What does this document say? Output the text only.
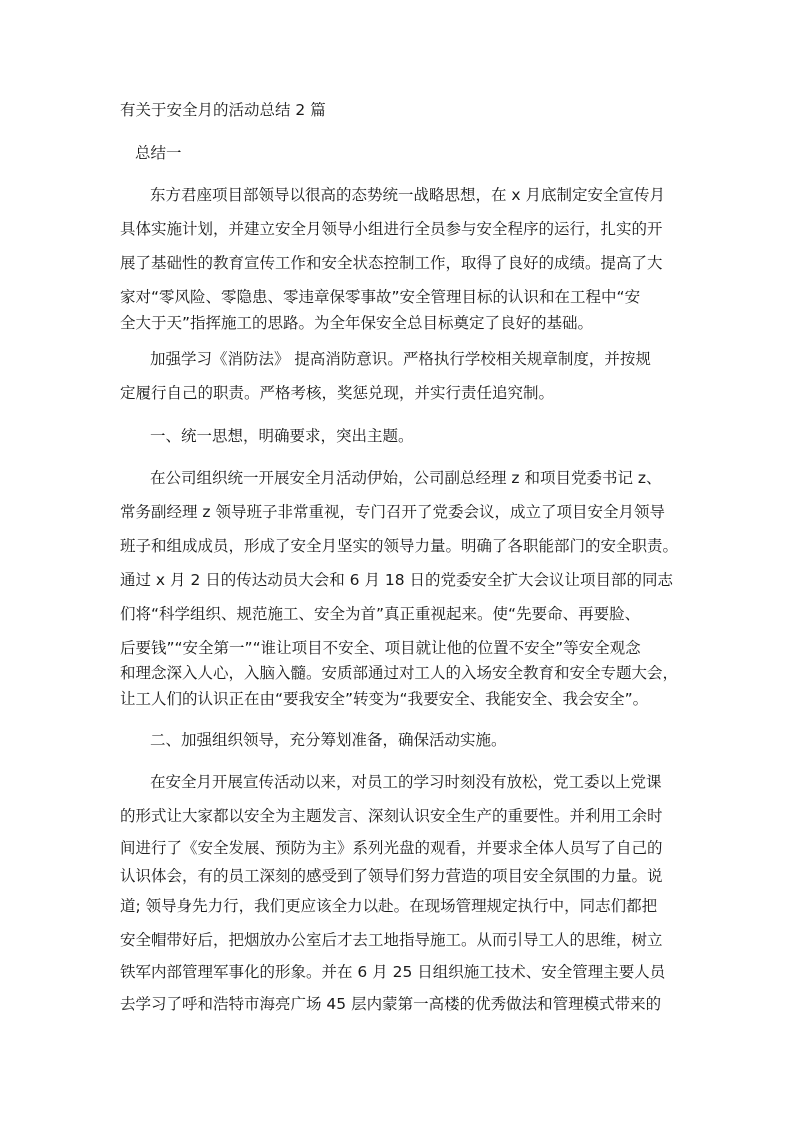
有关于安全月的活动总结 2 篇
总结一
东方君座项目部领导以很高的态势统一战略思想，在 x 月底制定安全宣传月
具体实施计划，并建立安全月领导小组进行全员参与安全程序的运行，扎实的开
展了基础性的教育宣传工作和安全状态控制工作，取得了良好的成绩。提高了大
家对“零风险、零隐患、零违章保零事故”安全管理目标的认识和在工程中“安
全大于天”指挥施工的思路。为全年保安全总目标奠定了良好的基础。
加强学习《消防法》 提高消防意识。严格执行学校相关规章制度，并按规
定履行自己的职责。严格考核，奖惩兑现，并实行责任追究制。
一、统一思想，明确要求，突出主题。
在公司组织统一开展安全月活动伊始，公司副总经理 z 和项目党委书记 z、
常务副经理 z 领导班子非常重视，专门召开了党委会议，成立了项目安全月领导
班子和组成成员，形成了安全月坚实的领导力量。明确了各职能部门的安全职责。
通过 x 月 2 日的传达动员大会和 6 月 18 日的党委安全扩大会议让项目部的同志
们将“科学组织、规范施工、安全为首”真正重视起来。使“先要命、再要脸、
后要钱”“安全第一”“谁让项目不安全、项目就让他的位置不安全”等安全观念
和理念深入人心，入脑入髓。安质部通过对工人的入场安全教育和安全专题大会，
让工人们的认识正在由“要我安全”转变为“我要安全、我能安全、我会安全”。
二、加强组织领导，充分筹划准备，确保活动实施。
在安全月开展宣传活动以来，对员工的学习时刻没有放松，党工委以上党课
的形式让大家都以安全为主题发言、深刻认识安全生产的重要性。并利用工余时
间进行了《安全发展、预防为主》系列光盘的观看，并要求全体人员写了自己的
认识体会，有的员工深刻的感受到了领导们努力营造的项目安全氛围的力量。说
道; 领导身先力行，我们更应该全力以赴。在现场管理规定执行中，同志们都把
安全帽带好后，把烟放办公室后才去工地指导施工。从而引导工人的思维，树立
铁军内部管理军事化的形象。并在 6 月 25 日组织施工技术、安全管理主要人员
去学习了呼和浩特市海亮广场 45 层内蒙第一高楼的优秀做法和管理模式带来的
